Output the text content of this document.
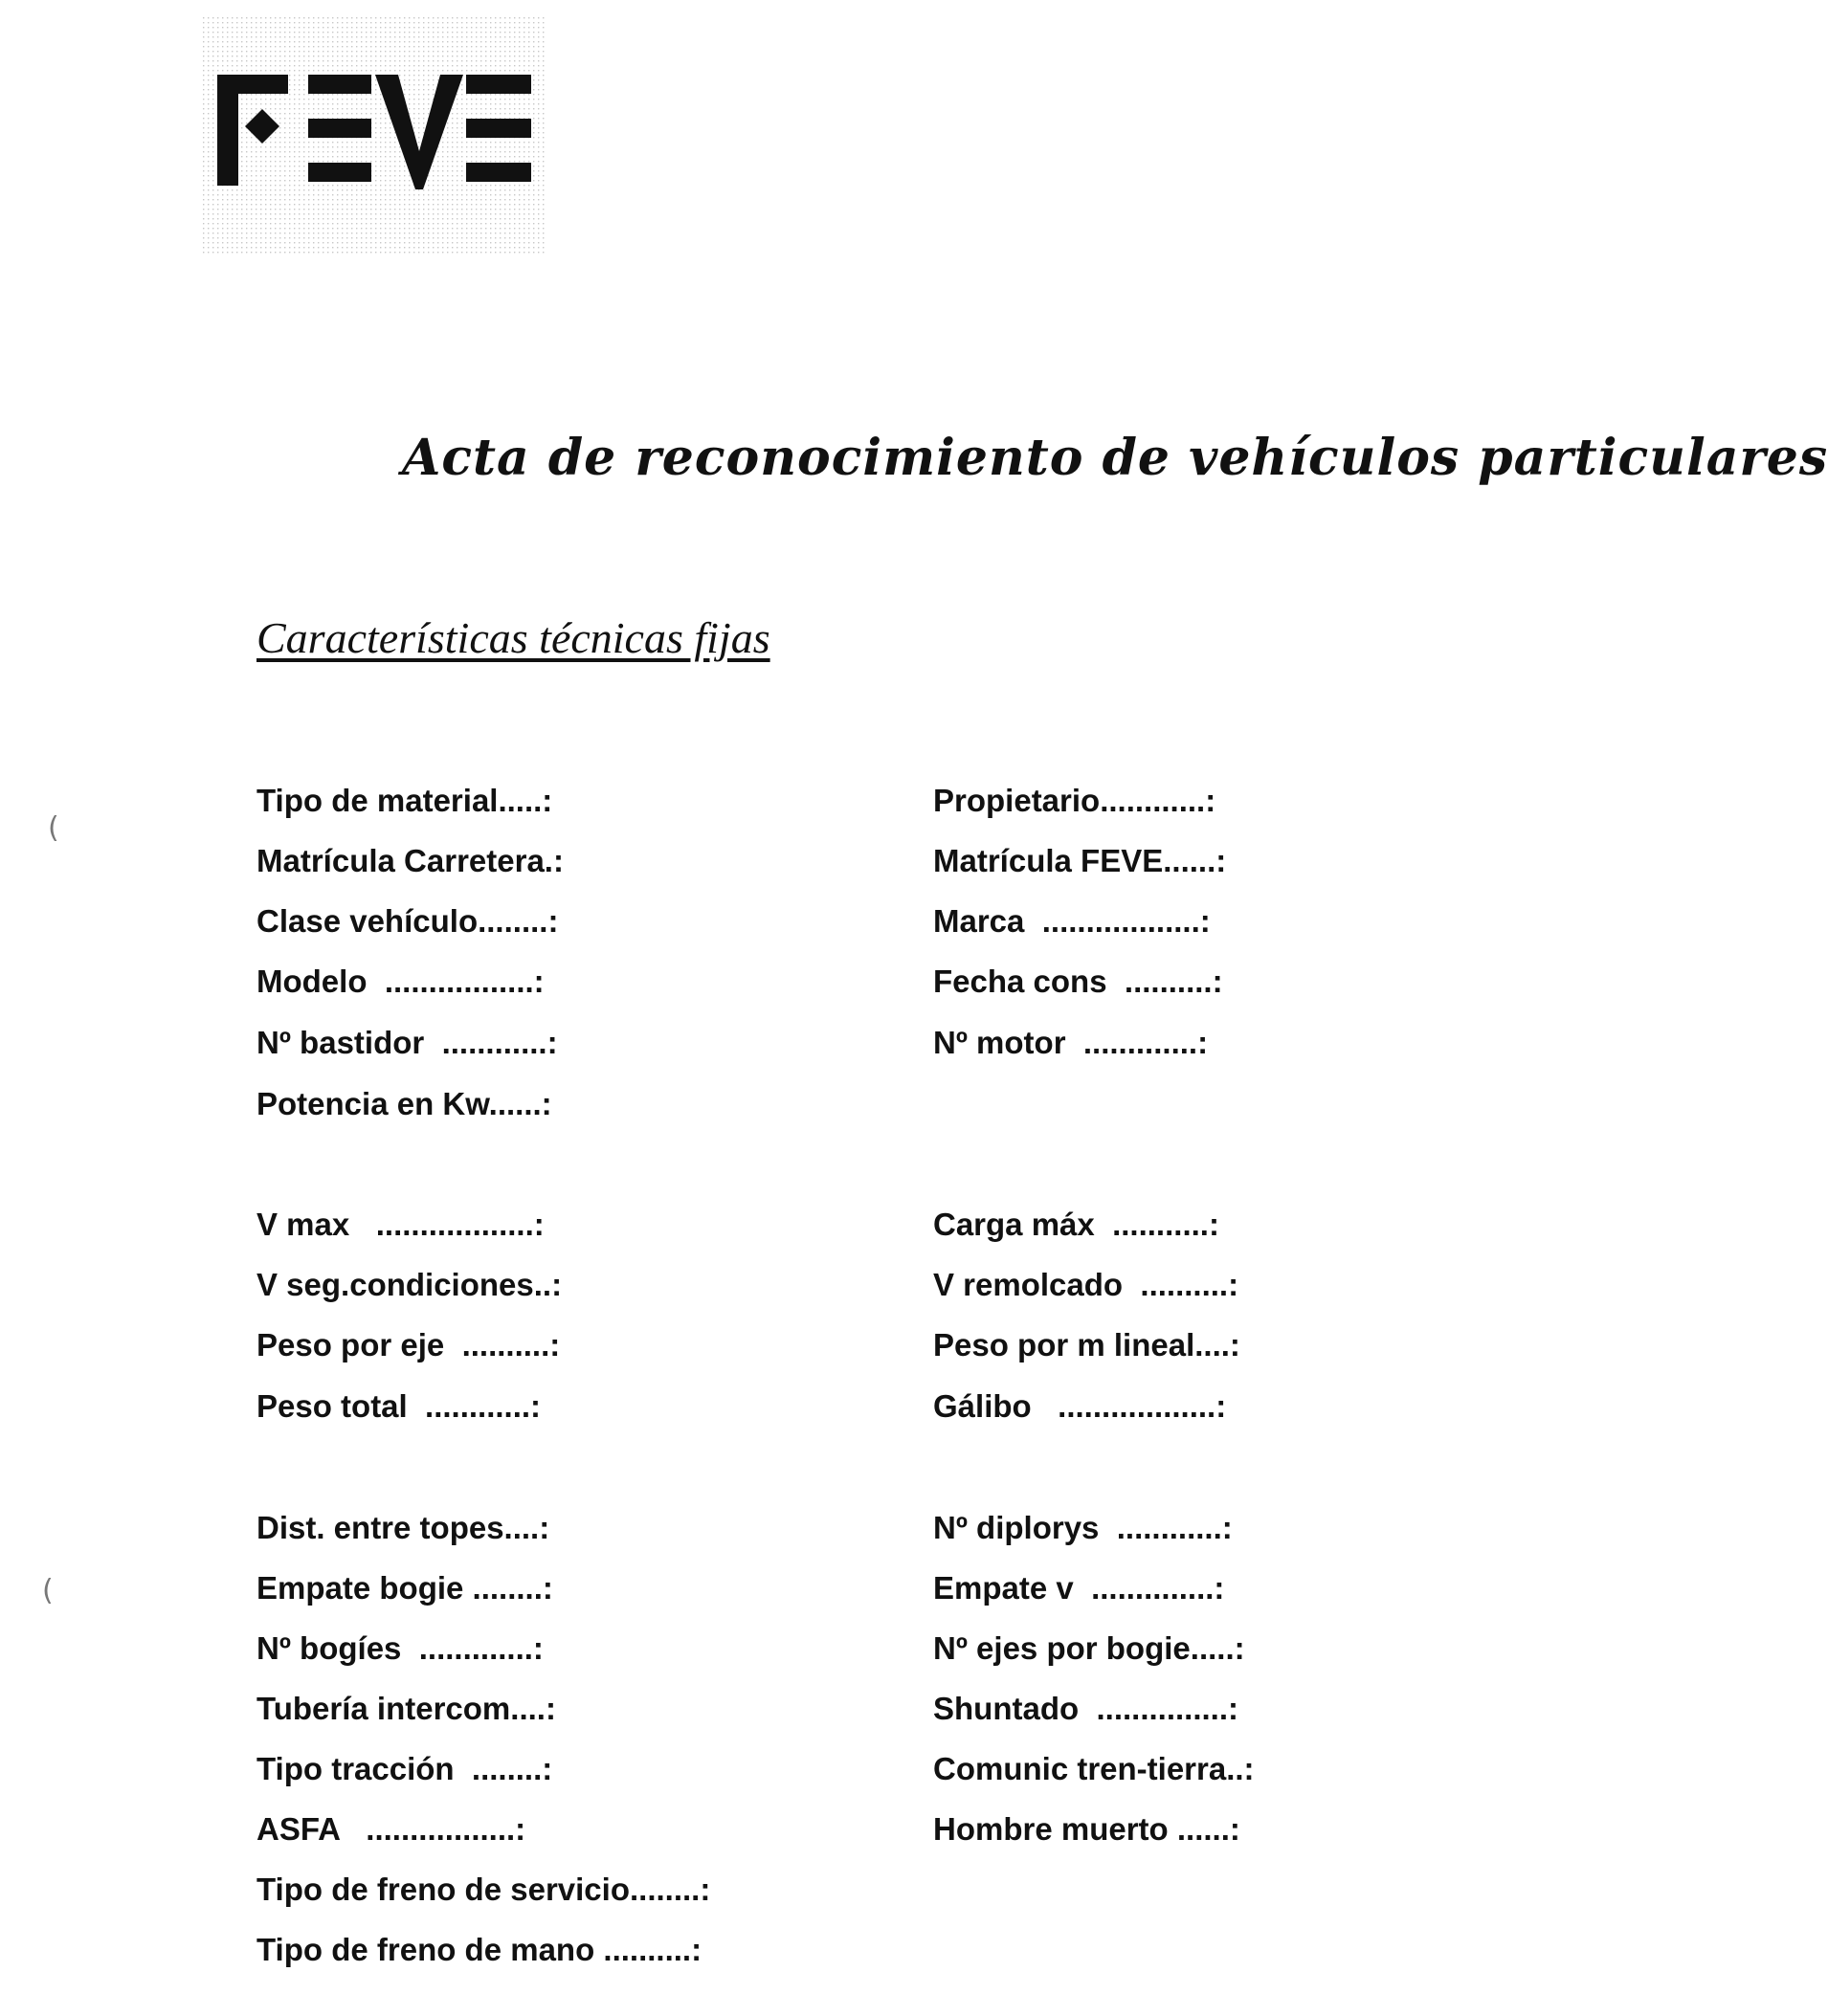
Acta de reconocimiento de vehículos particulares
Características técnicas fijas
Tipo de material.....:
Matrícula Carretera.:
Clase vehículo........:
Modelo  .................:
Nº bastidor  ............:
Potencia en Kw......:
Propietario............:
Matrícula FEVE......:
Marca  ..................:
Fecha cons  ..........:
Nº motor  .............:
V max   ..................:
V seg.condiciones..:
Peso por eje  ..........:
Peso total  ............:
Carga máx  ...........:
V remolcado  ..........:
Peso por m lineal....:
Gálibo   ..................:
Dist. entre topes....:
Empate bogie ........:
Nº bogíes  .............:
Tubería intercom....:
Tipo tracción  ........:
ASFA   .................:
Tipo de freno de servicio........:
Tipo de freno de mano ..........:
Nº diplorys  ............:
Empate v  ..............:
Nº ejes por bogie.....:
Shuntado  ...............:
Comunic tren-tierra..:
Hombre muerto ......:
(
(
